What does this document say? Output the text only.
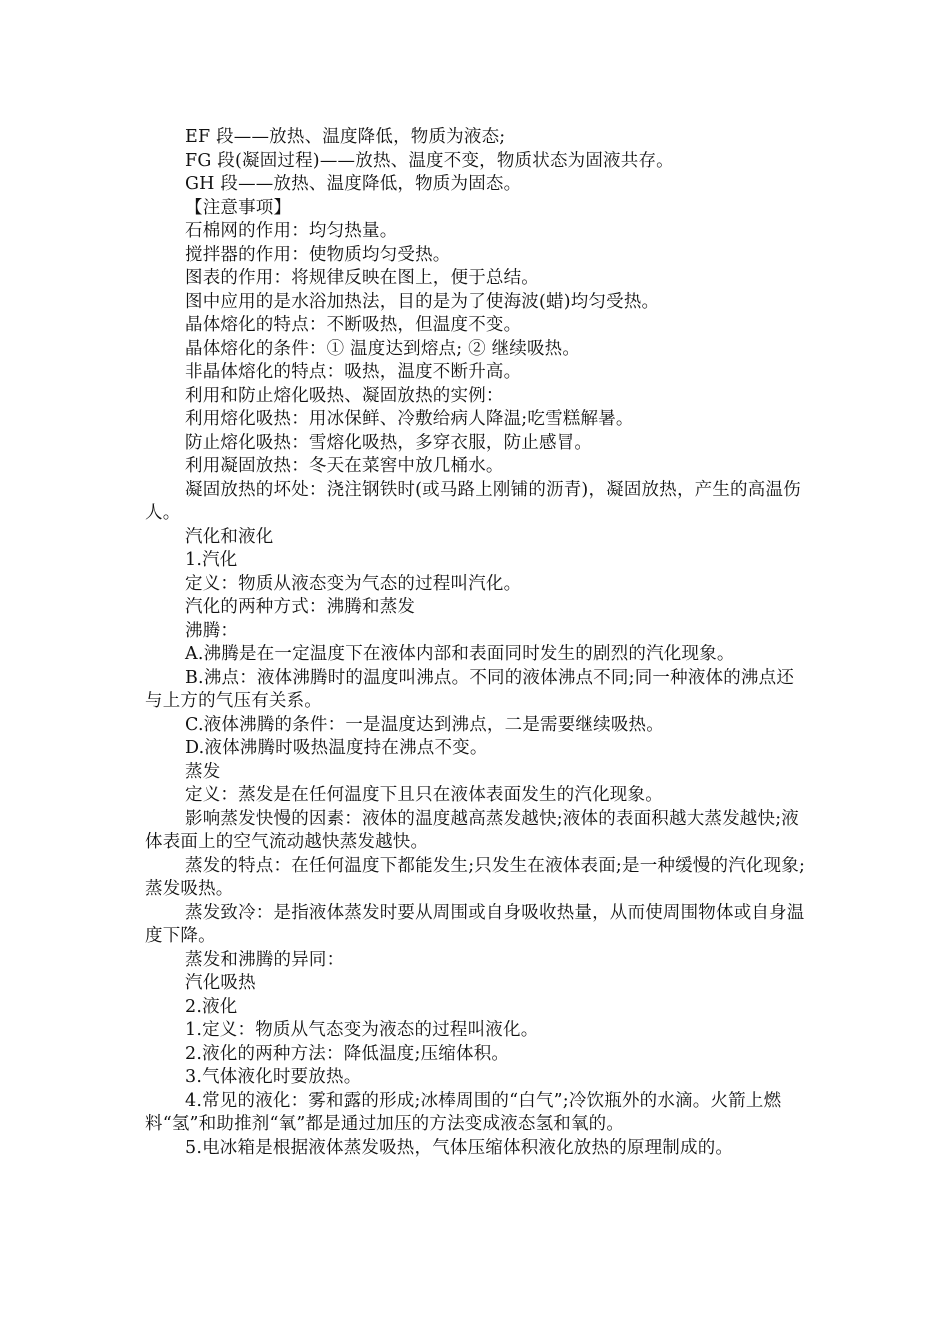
EF 段——放热、温度降低，物质为液态;

FG 段(凝固过程)——放热、温度不变，物质状态为固液共存。

GH 段——放热、温度降低，物质为固态。

【注意事项】

石棉网的作用：均匀热量。

搅拌器的作用：使物质均匀受热。

图表的作用：将规律反映在图上，便于总结。

图中应用的是水浴加热法，目的是为了使海波(蜡)均匀受热。

晶体熔化的特点：不断吸热，但温度不变。

晶体熔化的条件：① 温度达到熔点; ② 继续吸热。

非晶体熔化的特点：吸热，温度不断升高。

利用和防止熔化吸热、凝固放热的实例：

利用熔化吸热：用冰保鲜、冷敷给病人降温;吃雪糕解暑。

防止熔化吸热：雪熔化吸热，多穿衣服，防止感冒。

利用凝固放热：冬天在菜窖中放几桶水。

凝固放热的坏处：浇注钢铁时(或马路上刚铺的沥青)，凝固放热，产生的高温伤人。

汽化和液化

1.汽化

定义：物质从液态变为气态的过程叫汽化。

汽化的两种方式：沸腾和蒸发

沸腾：

A.沸腾是在一定温度下在液体内部和表面同时发生的剧烈的汽化现象。

B.沸点：液体沸腾时的温度叫沸点。不同的液体沸点不同;同一种液体的沸点还与上方的气压有关系。

C.液体沸腾的条件：一是温度达到沸点，二是需要继续吸热。

D.液体沸腾时吸热温度持在沸点不变。

蒸发

定义：蒸发是在任何温度下且只在液体表面发生的汽化现象。

影响蒸发快慢的因素：液体的温度越高蒸发越快;液体的表面积越大蒸发越快;液体表面上的空气流动越快蒸发越快。

蒸发的特点：在任何温度下都能发生;只发生在液体表面;是一种缓慢的汽化现象;蒸发吸热。

蒸发致冷：是指液体蒸发时要从周围或自身吸收热量，从而使周围物体或自身温度下降。

蒸发和沸腾的异同：

汽化吸热

2.液化

1.定义：物质从气态变为液态的过程叫液化。

2.液化的两种方法：降低温度;压缩体积。

3.气体液化时要放热。

4.常见的液化：雾和露的形成;冰棒周围的“白气”;冷饮瓶外的水滴。火箭上燃料“氢”和助推剂“氧”都是通过加压的方法变成液态氢和氧的。

5.电冰箱是根据液体蒸发吸热，气体压缩体积液化放热的原理制成的。
